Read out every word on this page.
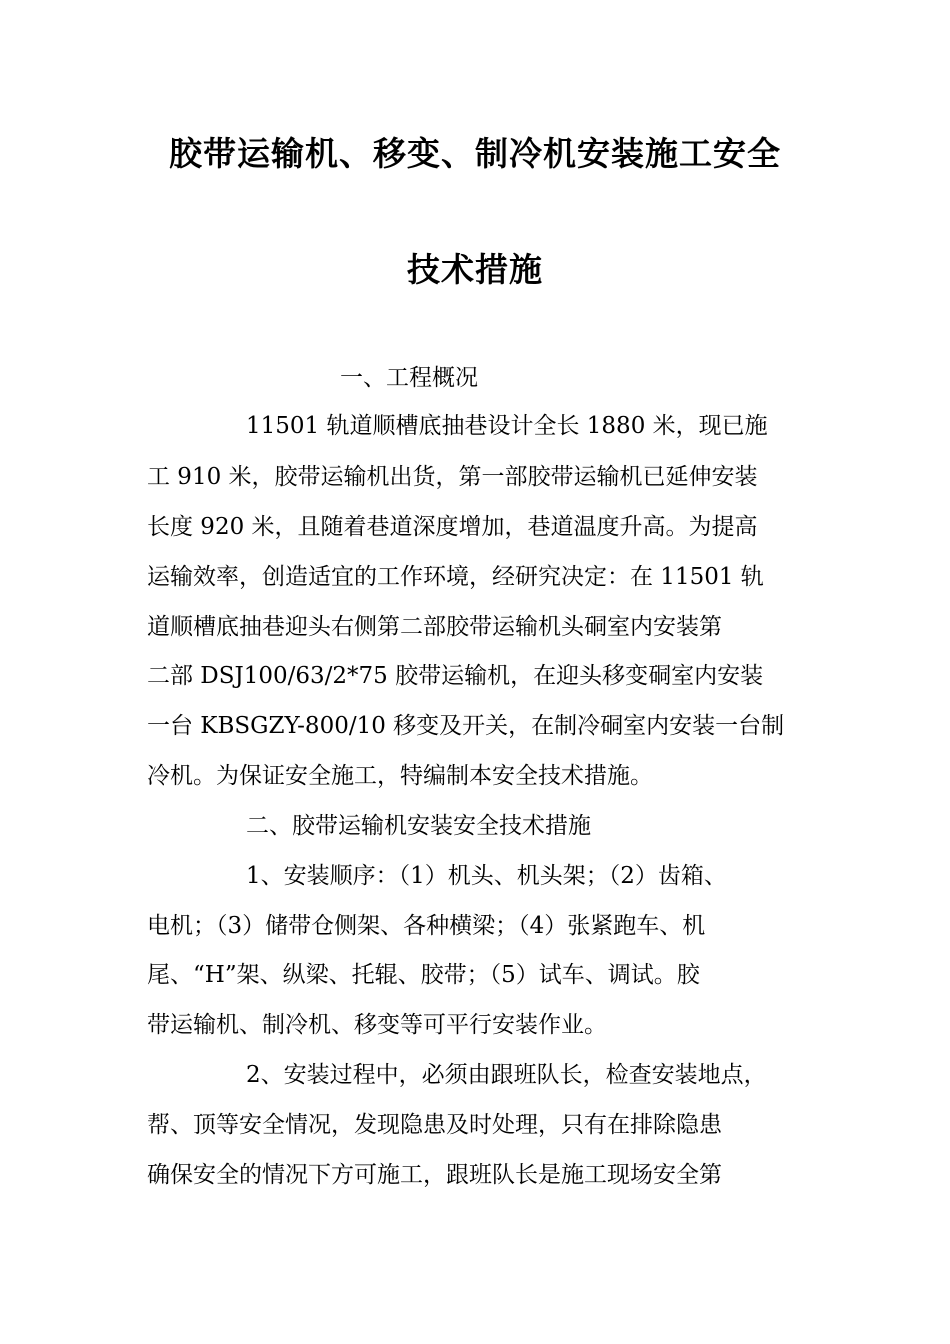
胶带运输机、移变、制冷机安装施工安全
技术措施
一、工程概况
11501 轨道顺槽底抽巷设计全长 1880 米，现已施
工 910 米，胶带运输机出货，第一部胶带运输机已延伸安装
长度 920 米，且随着巷道深度增加，巷道温度升高。为提高
运输效率，创造适宜的工作环境，经研究决定：在 11501 轨
道顺槽底抽巷迎头右侧第二部胶带运输机头硐室内安装第
二部 DSJ100/63/2*75 胶带运输机，在迎头移变硐室内安装
一台 KBSGZY-800/10 移变及开关，在制冷硐室内安装一台制
冷机。为保证安全施工，特编制本安全技术措施。
二、胶带运输机安装安全技术措施
1、安装顺序：（1）机头、机头架；（2）齿箱、
电机；（3）储带仓侧架、各种横梁；（4）张紧跑车、机
尾、“H”架、纵梁、托辊、胶带；（5）试车、调试。胶
带运输机、制冷机、移变等可平行安装作业。
2、安装过程中，必须由跟班队长，检查安装地点，
帮、顶等安全情况，发现隐患及时处理，只有在排除隐患
确保安全的情况下方可施工，跟班队长是施工现场安全第
